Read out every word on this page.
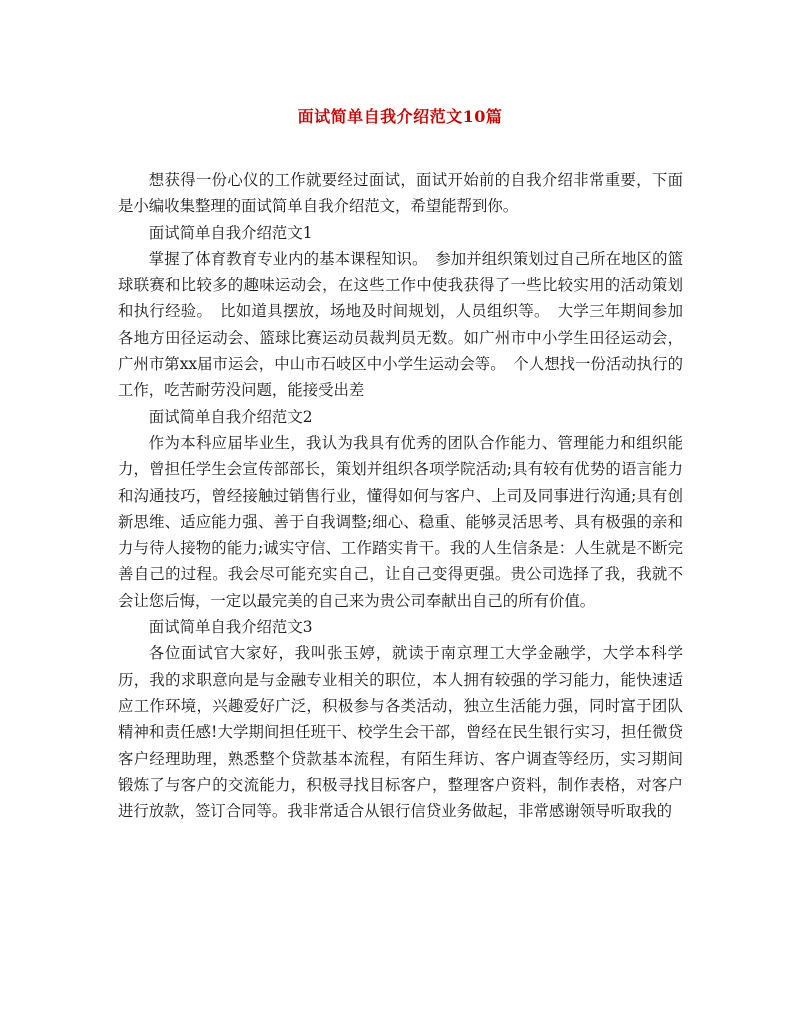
面试简单自我介绍范文10篇

想获得一份心仪的工作就要经过面试，面试开始前的自我介绍非常重要，下面是小编收集整理的面试简单自我介绍范文，希望能帮到你。

面试简单自我介绍范文1

掌握了体育教育专业内的基本课程知识。　参加并组织策划过自己所在地区的篮球联赛和比较多的趣味运动会，在这些工作中使我获得了一些比较实用的活动策划和执行经验。　比如道具摆放，场地及时间规划，人员组织等。　大学三年期间参加各地方田径运动会、篮球比赛运动员裁判员无数。如广州市中小学生田径运动会，广州市第xx届市运会，中山市石岐区中小学生运动会等。　个人想找一份活动执行的工作，吃苦耐劳没问题，能接受出差

面试简单自我介绍范文2

作为本科应届毕业生，我认为我具有优秀的团队合作能力、管理能力和组织能力，曾担任学生会宣传部部长，策划并组织各项学院活动;具有较有优势的语言能力和沟通技巧，曾经接触过销售行业，懂得如何与客户、上司及同事进行沟通;具有创新思维、适应能力强、善于自我调整;细心、稳重、能够灵活思考、具有极强的亲和力与待人接物的能力;诚实守信、工作踏实肯干。我的人生信条是：人生就是不断完善自己的过程。我会尽可能充实自己，让自己变得更强。贵公司选择了我，我就不会让您后悔，一定以最完美的自己来为贵公司奉献出自己的所有价值。

面试简单自我介绍范文3

各位面试官大家好，我叫张玉婷，就读于南京理工大学金融学，大学本科学历，我的求职意向是与金融专业相关的职位，本人拥有较强的学习能力，能快速适应工作环境，兴趣爱好广泛，积极参与各类活动，独立生活能力强，同时富于团队精神和责任感!大学期间担任班干、校学生会干部，曾经在民生银行实习，担任微贷客户经理助理，熟悉整个贷款基本流程，有陌生拜访、客户调查等经历，实习期间锻炼了与客户的交流能力，积极寻找目标客户，整理客户资料，制作表格，对客户进行放款，签订合同等。我非常适合从银行信贷业务做起，非常感谢领导听取我的
